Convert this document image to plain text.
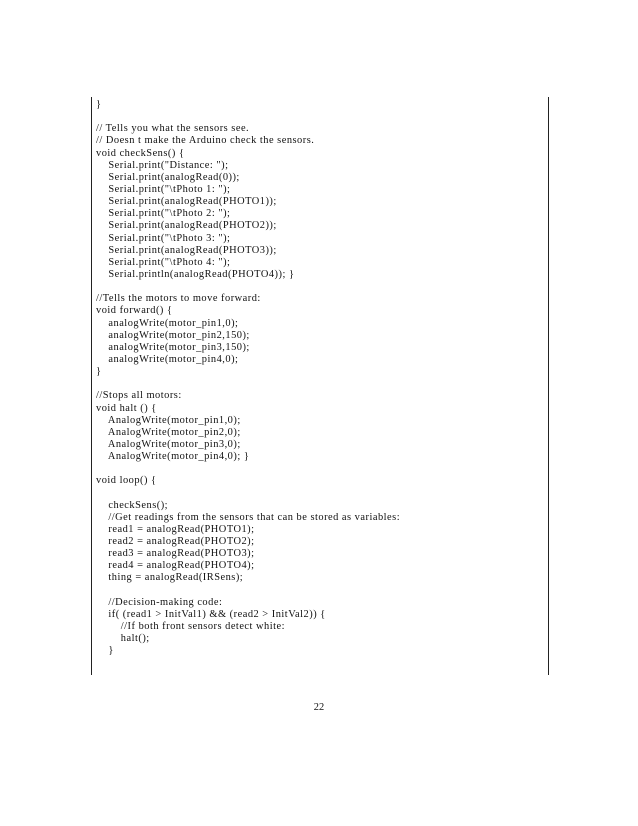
}
// Tells you what the sensors see.
// Doesn t make the Arduino check the sensors.
void checkSens() {
Serial.print("Distance: ");
Serial.print(analogRead(0));
Serial.print("\tPhoto 1: ");
Serial.print(analogRead(PHOTO1));
Serial.print("\tPhoto 2: ");
Serial.print(analogRead(PHOTO2));
Serial.print("\tPhoto 3: ");
Serial.print(analogRead(PHOTO3));
Serial.print("\tPhoto 4: ");
Serial.println(analogRead(PHOTO4)); }
//Tells the motors to move forward:
void forward() {
analogWrite(motor_pin1,0);
analogWrite(motor_pin2,150);
analogWrite(motor_pin3,150);
analogWrite(motor_pin4,0);
}
//Stops all motors:
void halt () {
AnalogWrite(motor_pin1,0);
AnalogWrite(motor_pin2,0);
AnalogWrite(motor_pin3,0);
AnalogWrite(motor_pin4,0); }
void loop() {
checkSens();
//Get readings from the sensors that can be stored as variables:
read1 = analogRead(PHOTO1);
read2 = analogRead(PHOTO2);
read3 = analogRead(PHOTO3);
read4 = analogRead(PHOTO4);
thing = analogRead(IRSens);
//Decision-making code:
if( (read1 > InitVal1) && (read2 > InitVal2)) {
//If both front sensors detect white:
halt();
}
22
